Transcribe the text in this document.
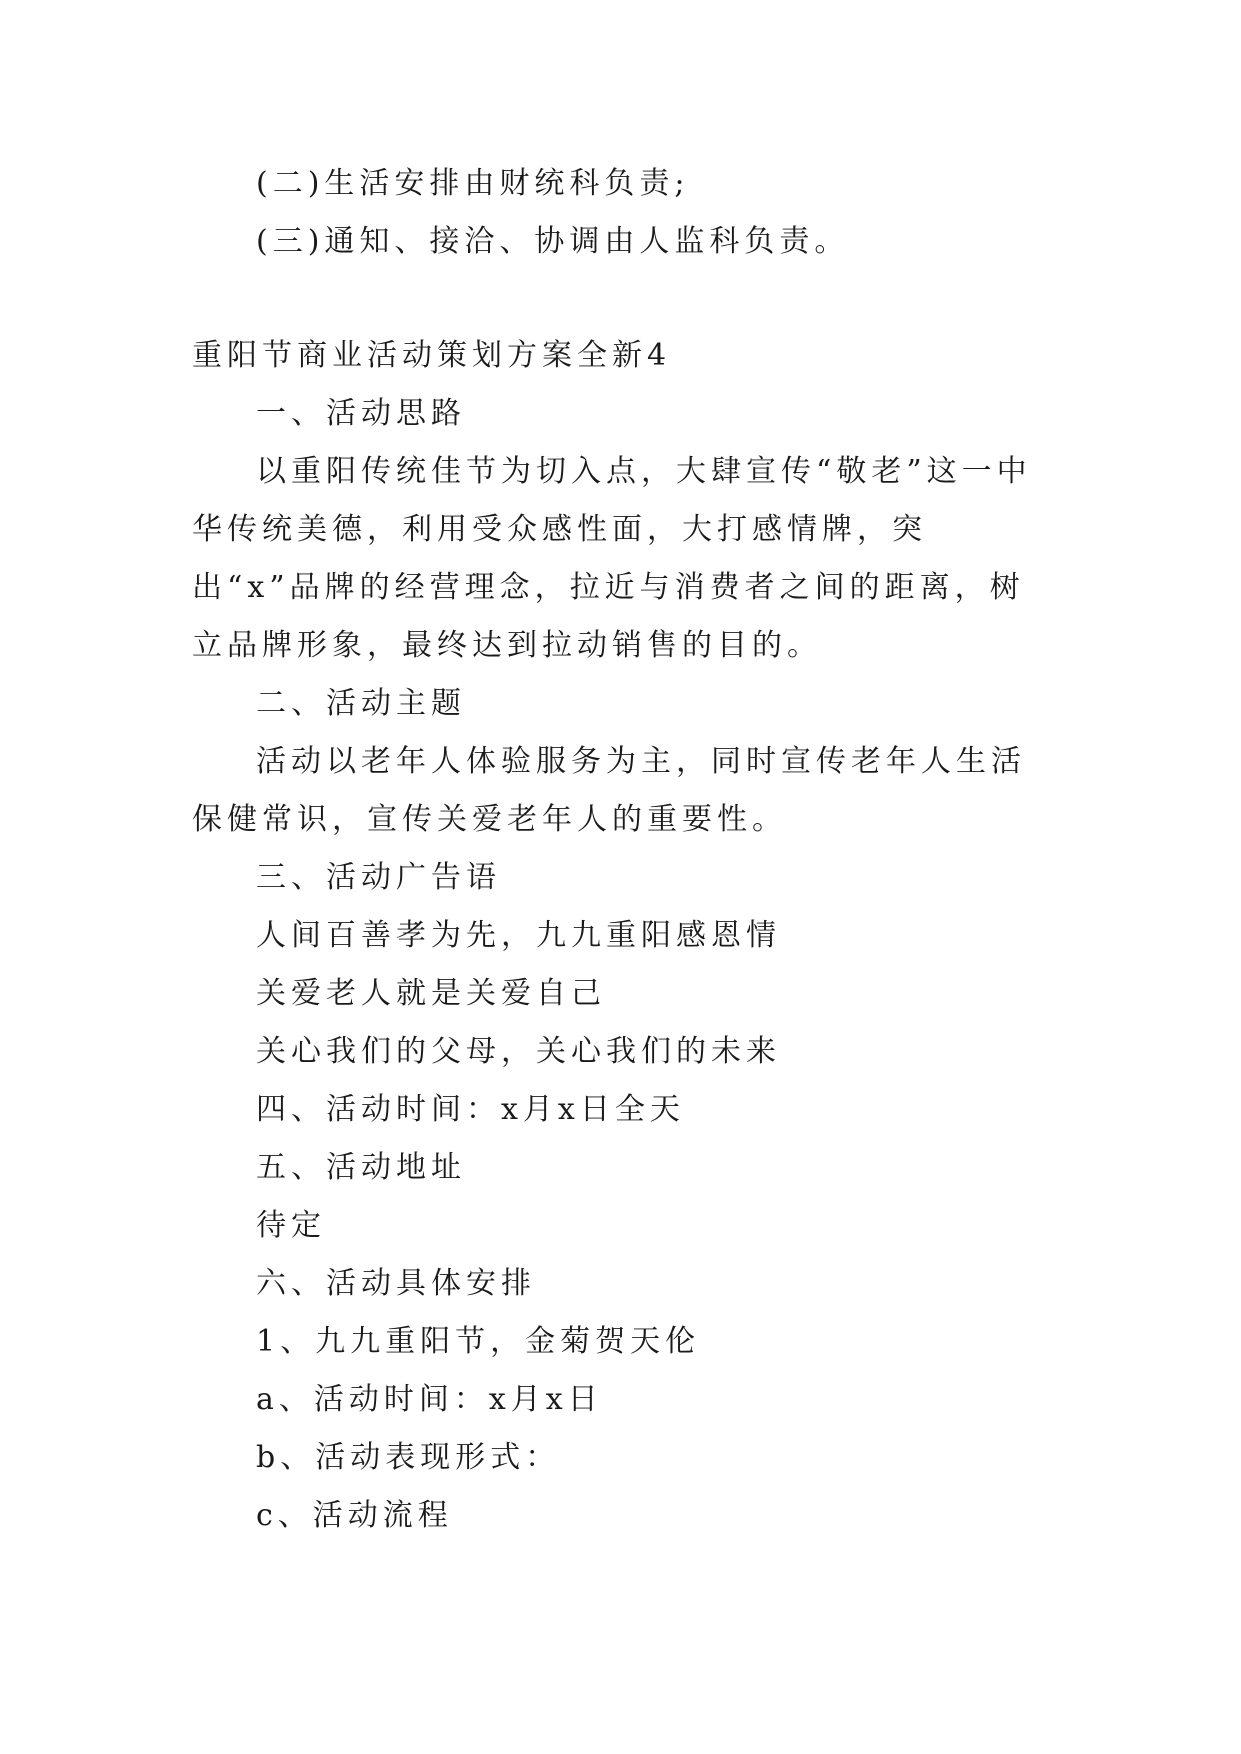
(二)生活安排由财统科负责;

(三)通知、接洽、协调由人监科负责。

重阳节商业活动策划方案全新4

一、活动思路

以重阳传统佳节为切入点，大肆宣传“敬老”这一中华传统美德，利用受众感性面，大打感情牌，突出“x”品牌的经营理念，拉近与消费者之间的距离，树立品牌形象，最终达到拉动销售的目的。

二、活动主题

活动以老年人体验服务为主，同时宣传老年人生活保健常识，宣传关爱老年人的重要性。

三、活动广告语

人间百善孝为先，九九重阳感恩情

关爱老人就是关爱自己

关心我们的父母，关心我们的未来

四、活动时间：x月x日全天

五、活动地址

待定

六、活动具体安排

1、九九重阳节，金菊贺天伦

a、活动时间：x月x日

b、活动表现形式：

c、活动流程
